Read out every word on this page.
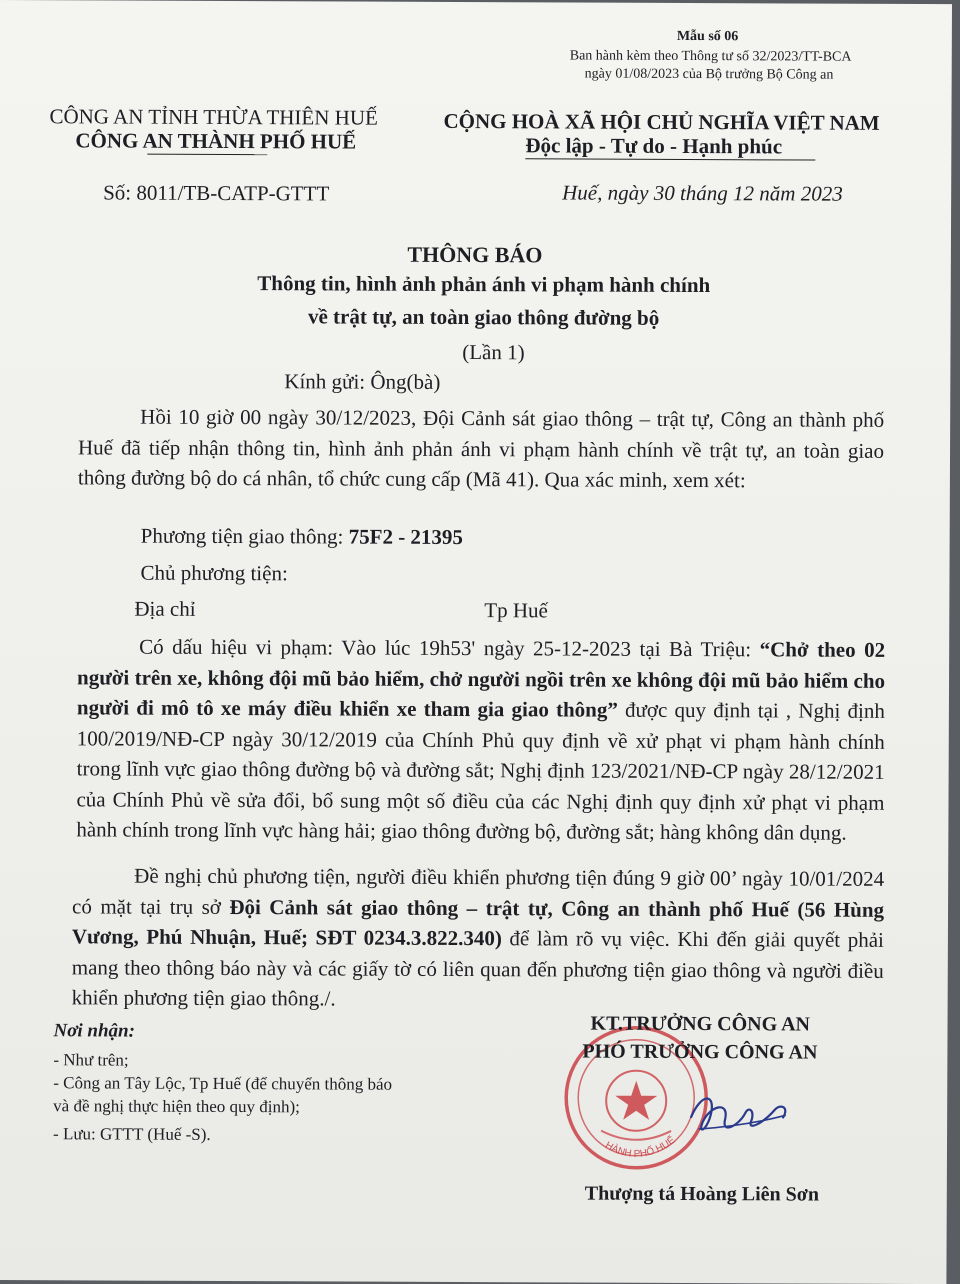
Mẫu số 06
Ban hành kèm theo Thông tư số 32/2023/TT-BCA
ngày 01/08/2023 của Bộ trưởng Bộ Công an
CÔNG AN TỈNH THỪA THIÊN HUẾ
CÔNG AN THÀNH PHỐ HUẾ
CỘNG HOÀ XÃ HỘI CHỦ NGHĨA VIỆT NAM
Độc lập - Tự do - Hạnh phúc
Số: 8011/TB-CATP-GTTT	Huế, ngày 30 tháng 12 năm 2023
THÔNG BÁO
Thông tin, hình ảnh phản ánh vi phạm hành chính
về trật tự, an toàn giao thông đường bộ
(Lần 1)
Kính gửi: Ông(bà)
Hồi 10 giờ 00 ngày 30/12/2023, Đội Cảnh sát giao thông – trật tự, Công an thành phố Huế đã tiếp nhận thông tin, hình ảnh phản ánh vi phạm hành chính về trật tự, an toàn giao thông đường bộ do cá nhân, tổ chức cung cấp (Mã 41). Qua xác minh, xem xét:
Phương tiện giao thông: 75F2 - 21395
Chủ phương tiện:
Địa chỉ	Tp Huế
Có dấu hiệu vi phạm: Vào lúc 19h53' ngày 25-12-2023 tại Bà Triệu: “Chở theo 02 người trên xe, không đội mũ bảo hiểm, chở người ngồi trên xe không đội mũ bảo hiểm cho người đi mô tô xe máy điều khiển xe tham gia giao thông” được quy định tại , Nghị định 100/2019/NĐ-CP ngày 30/12/2019 của Chính Phủ quy định về xử phạt vi phạm hành chính trong lĩnh vực giao thông đường bộ và đường sắt; Nghị định 123/2021/NĐ-CP ngày 28/12/2021 của Chính Phủ về sửa đổi, bổ sung một số điều của các Nghị định quy định xử phạt vi phạm hành chính trong lĩnh vực hàng hải; giao thông đường bộ, đường sắt; hàng không dân dụng.
Đề nghị chủ phương tiện, người điều khiển phương tiện đúng 9 giờ 00’ ngày 10/01/2024 có mặt tại trụ sở Đội Cảnh sát giao thông – trật tự, Công an thành phố Huế (56 Hùng Vương, Phú Nhuận, Huế; SĐT 0234.3.822.340) để làm rõ vụ việc. Khi đến giải quyết phải mang theo thông báo này và các giấy tờ có liên quan đến phương tiện giao thông và người điều khiển phương tiện giao thông./.
Nơi nhận:
- Như trên;
- Công an Tây Lộc, Tp Huế (để chuyển thông báo
và đề nghị thực hiện theo quy định);
- Lưu: GTTT (Huế -S).
HÀNH PHỐ HUẾ
KT.TRƯỞNG CÔNG AN
PHÓ TRƯỞNG CÔNG AN
Thượng tá Hoàng Liên Sơn
